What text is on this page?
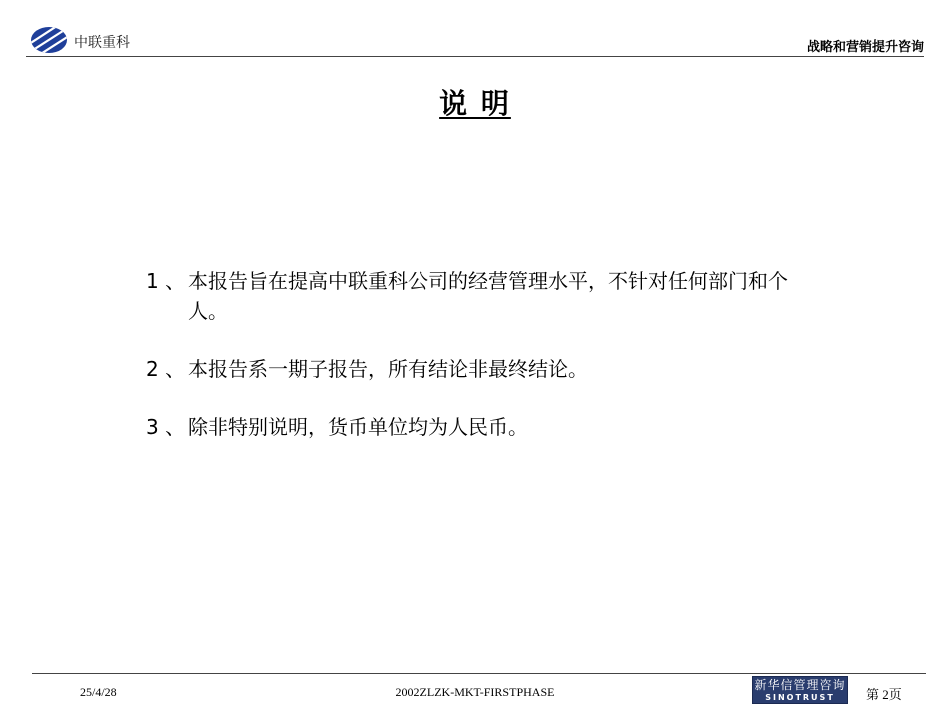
中联重科	战略和营销提升咨询
说 明
1 、 本报告旨在提高中联重科公司的经营管理水平，不针对任何部门和个人。
2 、 本报告系一期子报告，所有结论非最终结论。
3 、 除非特别说明，货币单位均为人民币。
25/4/28	2002ZLZK-MKT-FIRSTPHASE	新华信管理咨询
SINOTRUST	第 2页
